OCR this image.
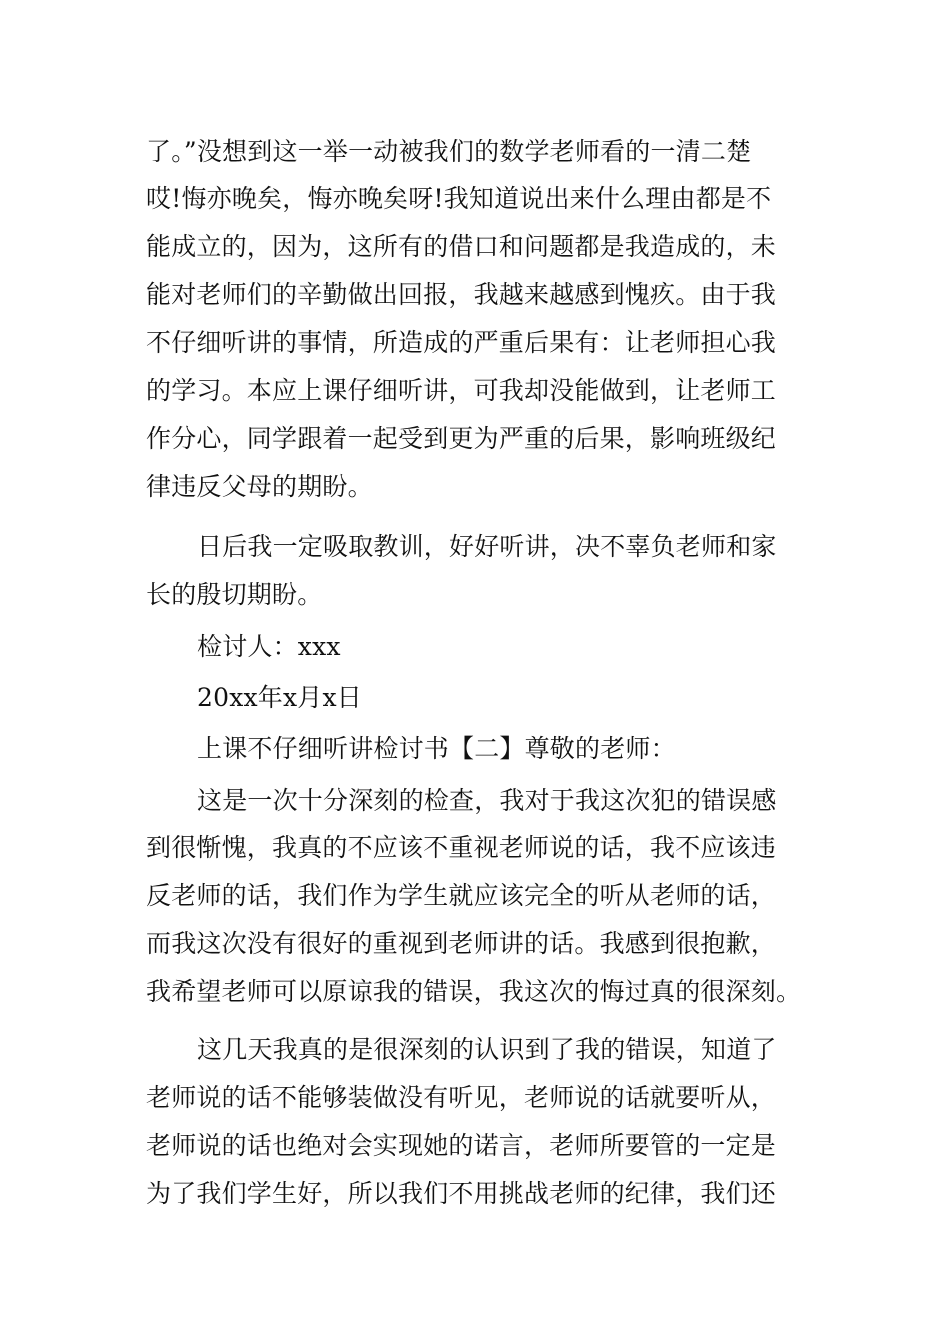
了。”没想到这一举一动被我们的数学老师看的一清二楚
哎!悔亦晚矣，悔亦晚矣呀!我知道说出来什么理由都是不
能成立的，因为，这所有的借口和问题都是我造成的，未
能对老师们的辛勤做出回报，我越来越感到愧疚。由于我
不仔细听讲的事情，所造成的严重后果有：让老师担心我
的学习。本应上课仔细听讲，可我却没能做到，让老师工
作分心，同学跟着一起受到更为严重的后果，影响班级纪
律违反父母的期盼。
日后我一定吸取教训，好好听讲，决不辜负老师和家
长的殷切期盼。
检讨人：xxx
20xx年x月x日
上课不仔细听讲检讨书【二】尊敬的老师：
这是一次十分深刻的检查，我对于我这次犯的错误感
到很惭愧，我真的不应该不重视老师说的话，我不应该违
反老师的话，我们作为学生就应该完全的听从老师的话，
而我这次没有很好的重视到老师讲的话。我感到很抱歉，
我希望老师可以原谅我的错误，我这次的悔过真的很深刻。
这几天我真的是很深刻的认识到了我的错误，知道了
老师说的话不能够装做没有听见，老师说的话就要听从，
老师说的话也绝对会实现她的诺言，老师所要管的一定是
为了我们学生好，所以我们不用挑战老师的纪律，我们还
